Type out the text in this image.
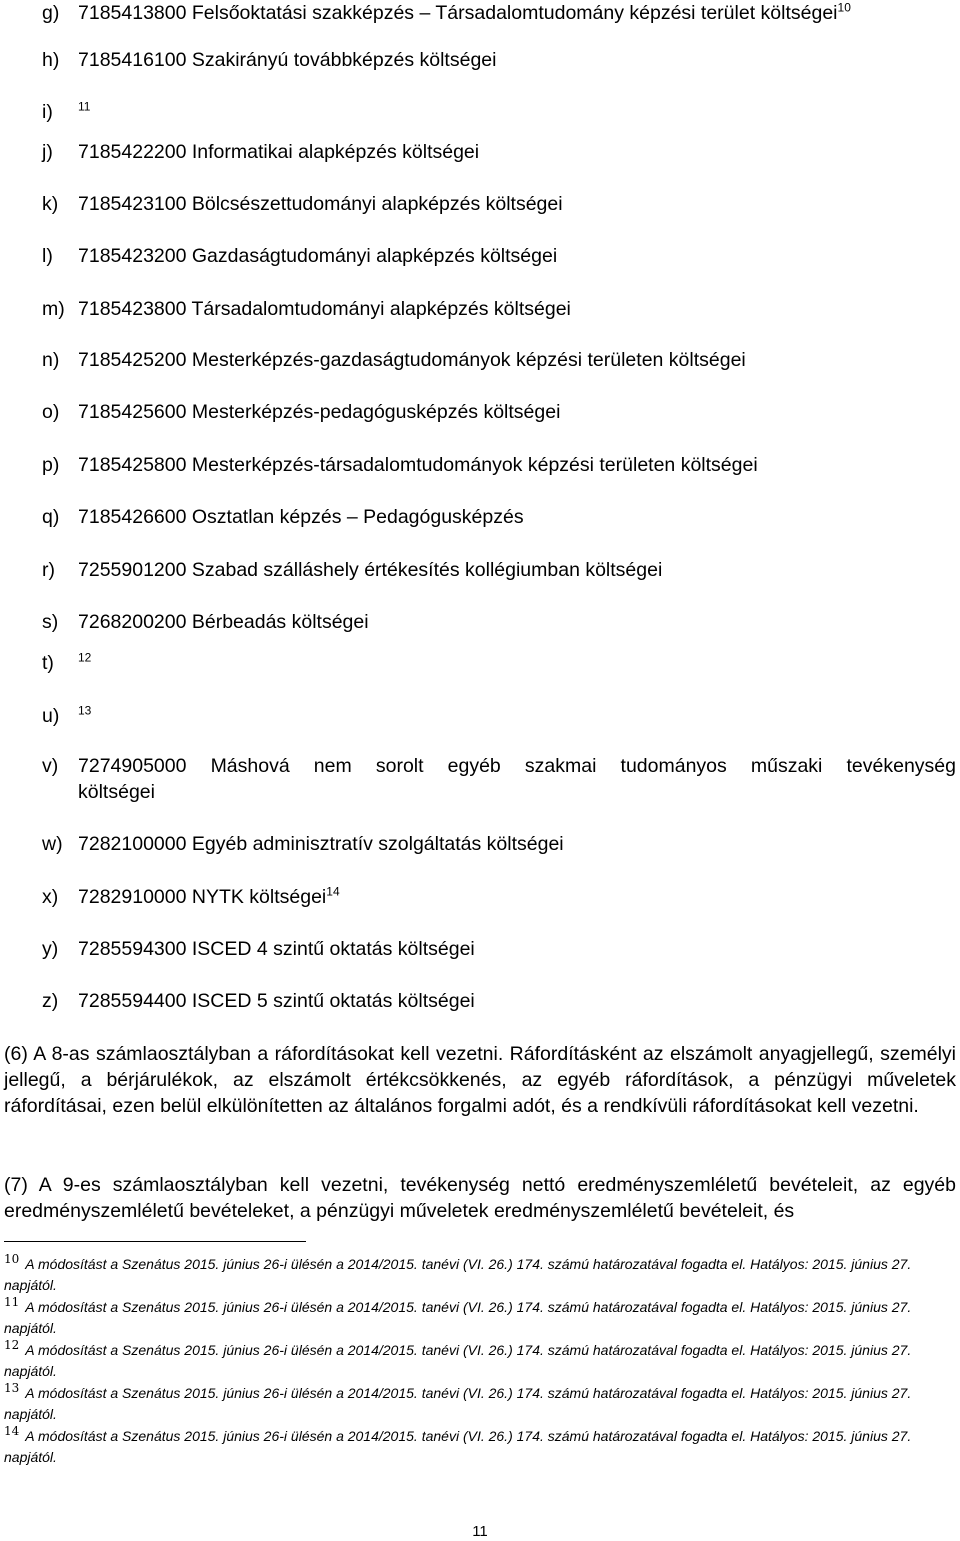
g) 7185413800 Felsőoktatási szakképzés – Társadalomtudomány képzési terület költségei$^{10}$
h) 7185416100 Szakirányú továbbképzés költségei
i) $^{11}$
j) 7185422200 Informatikai alapképzés költségei
k) 7185423100 Bölcsészettudományi alapképzés költségei
l) 7185423200 Gazdaságtudományi alapképzés költségei
m) 7185423800 Társadalomtudományi alapképzés költségei
n) 7185425200 Mesterképzés-gazdaságtudományok képzési területen költségei
o) 7185425600 Mesterképzés-pedagógusképzés költségei
p) 7185425800 Mesterképzés-társadalomtudományok képzési területen költségei
q) 7185426600 Osztatlan képzés – Pedagógusképzés
r) 7255901200 Szabad szálláshely értékesítés kollégiumban költségei
s) 7268200200 Bérbeadás költségei
t) $^{12}$
u) $^{13}$
v) 7274905000 Máshová nem sorolt egyéb szakmai tudományos műszaki tevékenység
költségei
w) 7282100000 Egyéb adminisztratív szolgáltatás költségei
x) 7282910000 NYTK költségei$^{14}$
y) 7285594300 ISCED 4 szintű oktatás költségei
z) 7285594400 ISCED 5 szintű oktatás költségei

(6) A 8-as számlaosztályban a ráfordításokat kell vezetni. Ráfordításként az elszámolt anyagjellegű, személyi jellegű, a bérjárulékok, az elszámolt értékcsökkenés, az egyéb ráfordítások, a pénzügyi műveletek ráfordításai, ezen belül elkülönítetten az általános forgalmi adót, és a rendkívüli ráfordításokat kell vezetni.

(7) A 9-es számlaosztályban kell vezetni, tevékenység nettó eredményszemléletű bevételeit, az egyéb eredményszemléletű bevételeket, a pénzügyi műveletek eredményszemléletű bevételeit, és

10 A módosítást a Szenátus 2015. június 26-i ülésén a 2014/2015. tanévi (VI. 26.) 174. számú határozatával fogadta el. Hatályos: 2015. június 27. napjától.
11 A módosítást a Szenátus 2015. június 26-i ülésén a 2014/2015. tanévi (VI. 26.) 174. számú határozatával fogadta el. Hatályos: 2015. június 27. napjától.
12 A módosítást a Szenátus 2015. június 26-i ülésén a 2014/2015. tanévi (VI. 26.) 174. számú határozatával fogadta el. Hatályos: 2015. június 27. napjától.
13 A módosítást a Szenátus 2015. június 26-i ülésén a 2014/2015. tanévi (VI. 26.) 174. számú határozatával fogadta el. Hatályos: 2015. június 27. napjától.
14 A módosítást a Szenátus 2015. június 26-i ülésén a 2014/2015. tanévi (VI. 26.) 174. számú határozatával fogadta el. Hatályos: 2015. június 27. napjától.
11
